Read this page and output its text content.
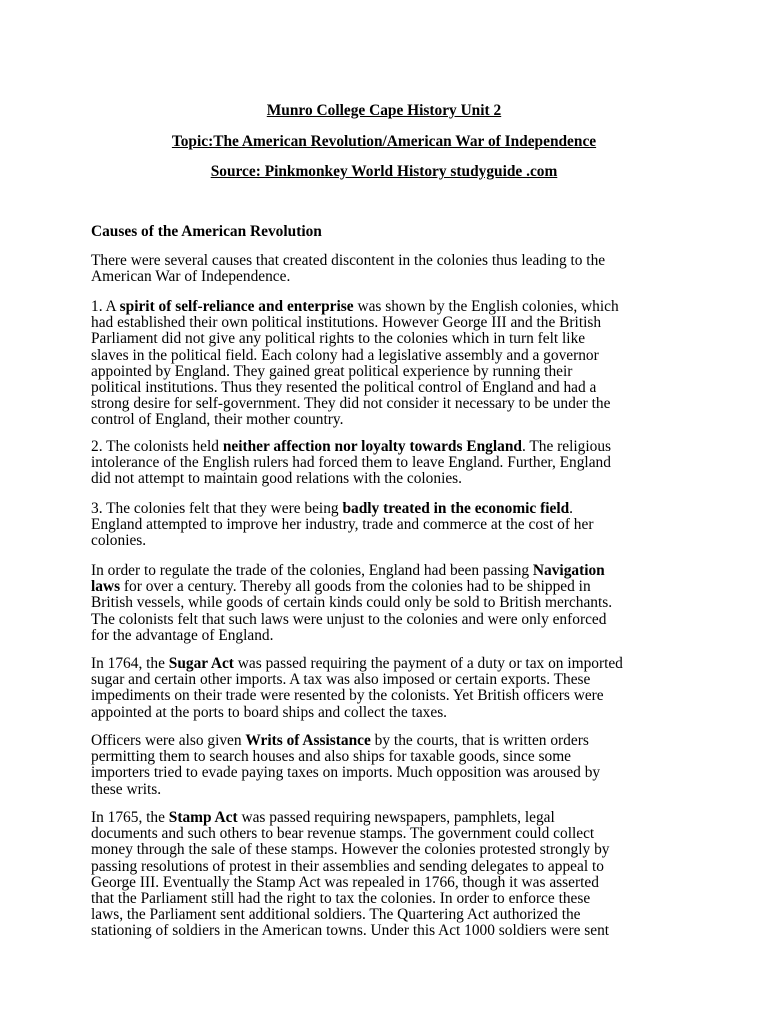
Munro College Cape History Unit 2
Topic:The American Revolution/American War of Independence
Source: Pinkmonkey World History studyguide .com
Causes of the American Revolution
There were several causes that created discontent in the colonies thus leading to the
American War of Independence.
1. A spirit of self-reliance and enterprise was shown by the English colonies, which
had established their own political institutions. However George III and the British
Parliament did not give any political rights to the colonies which in turn felt like
slaves in the political field. Each colony had a legislative assembly and a governor
appointed by England. They gained great political experience by running their
political institutions. Thus they resented the political control of England and had a
strong desire for self-government. They did not consider it necessary to be under the
control of England, their mother country.
2. The colonists held neither affection nor loyalty towards England. The religious
intolerance of the English rulers had forced them to leave England. Further, England
did not attempt to maintain good relations with the colonies.
3. The colonies felt that they were being badly treated in the economic field.
England attempted to improve her industry, trade and commerce at the cost of her
colonies.
In order to regulate the trade of the colonies, England had been passing Navigation
laws for over a century. Thereby all goods from the colonies had to be shipped in
British vessels, while goods of certain kinds could only be sold to British merchants.
The colonists felt that such laws were unjust to the colonies and were only enforced
for the advantage of England.
In 1764, the Sugar Act was passed requiring the payment of a duty or tax on imported
sugar and certain other imports. A tax was also imposed or certain exports. These
impediments on their trade were resented by the colonists. Yet British officers were
appointed at the ports to board ships and collect the taxes.
Officers were also given Writs of Assistance by the courts, that is written orders
permitting them to search houses and also ships for taxable goods, since some
importers tried to evade paying taxes on imports. Much opposition was aroused by
these writs.
In 1765, the Stamp Act was passed requiring newspapers, pamphlets, legal
documents and such others to bear revenue stamps. The government could collect
money through the sale of these stamps. However the colonies protested strongly by
passing resolutions of protest in their assemblies and sending delegates to appeal to
George III. Eventually the Stamp Act was repealed in 1766, though it was asserted
that the Parliament still had the right to tax the colonies. In order to enforce these
laws, the Parliament sent additional soldiers. The Quartering Act authorized the
stationing of soldiers in the American towns. Under this Act 1000 soldiers were sent
